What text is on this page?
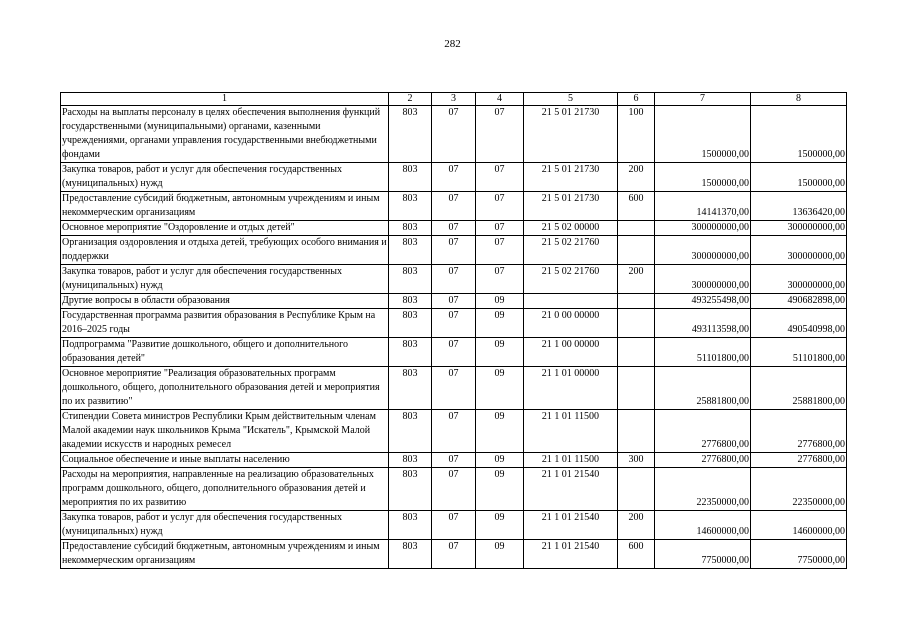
282
1	2	3	4	5	6	7	8
Расходы на выплаты персоналу в целях обеспечения выполнения функций государственными (муниципальными) органами, казенными учреждениями, органами управления государственными внебюджетными фондами	803	07	07	21 5 01 21730	100	1500000,00	1500000,00
Закупка товаров, работ и услуг для обеспечения государственных (муниципальных) нужд	803	07	07	21 5 01 21730	200	1500000,00	1500000,00
Предоставление субсидий бюджетным, автономным учреждениям и иным некоммерческим организациям	803	07	07	21 5 01 21730	600	14141370,00	13636420,00
Основное мероприятие "Оздоровление и отдых детей"	803	07	07	21 5 02 00000		300000000,00	300000000,00
Организация оздоровления и отдыха детей, требующих особого внимания и поддержки	803	07	07	21 5 02 21760		300000000,00	300000000,00
Закупка товаров, работ и услуг для обеспечения государственных (муниципальных) нужд	803	07	07	21 5 02 21760	200	300000000,00	300000000,00
Другие вопросы в области образования	803	07	09			493255498,00	490682898,00
Государственная программа развития образования в Республике Крым на 2016–2025 годы	803	07	09	21 0 00 00000		493113598,00	490540998,00
Подпрограмма "Развитие дошкольного, общего и дополнительного образования детей"	803	07	09	21 1 00 00000		51101800,00	51101800,00
Основное мероприятие "Реализация образовательных программ дошкольного, общего, дополнительного образования детей и мероприятия по их развитию"	803	07	09	21 1 01 00000		25881800,00	25881800,00
Стипендии Совета министров Республики Крым действительным членам Малой академии наук школьников Крыма "Искатель", Крымской Малой академии искусств и народных ремесел	803	07	09	21 1 01 11500		2776800,00	2776800,00
Социальное обеспечение и иные выплаты населению	803	07	09	21 1 01 11500	300	2776800,00	2776800,00
Расходы на мероприятия, направленные на реализацию образовательных программ дошкольного, общего, дополнительного образования детей и мероприятия по их развитию	803	07	09	21 1 01 21540		22350000,00	22350000,00
Закупка товаров, работ и услуг для обеспечения государственных (муниципальных) нужд	803	07	09	21 1 01 21540	200	14600000,00	14600000,00
Предоставление субсидий бюджетным, автономным учреждениям и иным некоммерческим организациям	803	07	09	21 1 01 21540	600	7750000,00	7750000,00
